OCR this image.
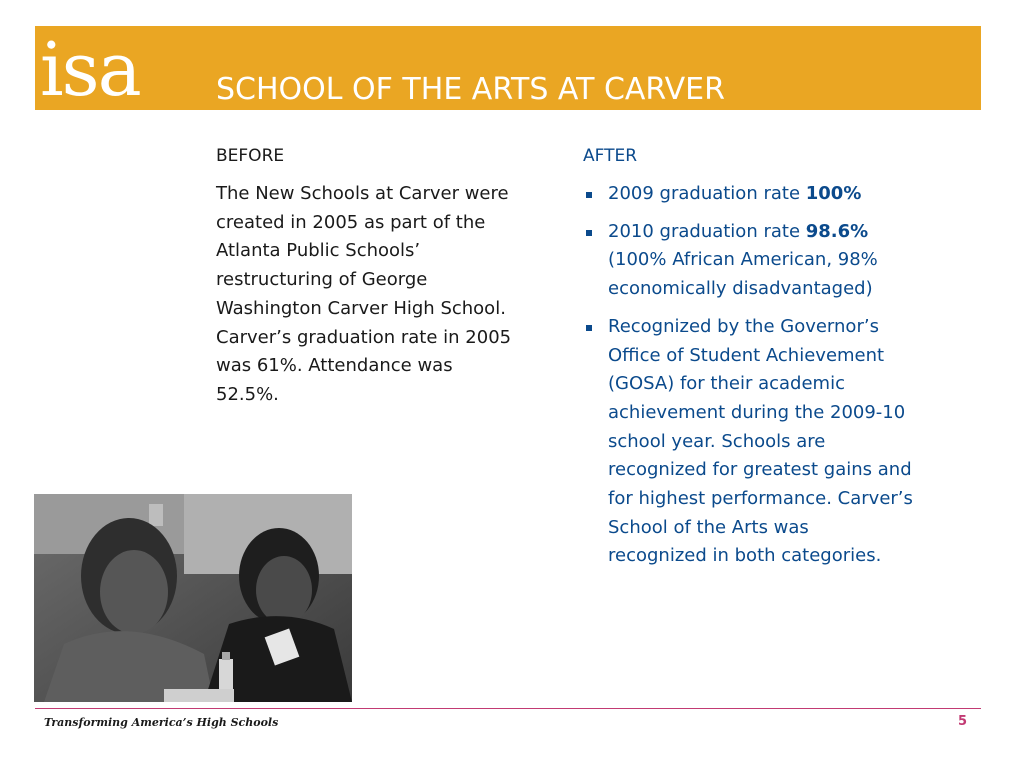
isa	SCHOOL OF THE ARTS AT CARVER
BEFORE

The New Schools at Carver were created in 2005 as part of the Atlanta Public Schools’ restructuring of George Washington Carver High School. Carver’s graduation rate in 2005 was 61%. Attendance was 52.5%.

AFTER
2009 graduation rate 100%
2010 graduation rate 98.6% (100% African American, 98% economically disadvantaged)
Recognized by the Governor’s Office of Student Achievement (GOSA) for their academic achievement during the 2009-10 school year. Schools are recognized for greatest gains and for highest performance. Carver’s School of the Arts was recognized in both categories.
Transforming America’s High Schools	5
